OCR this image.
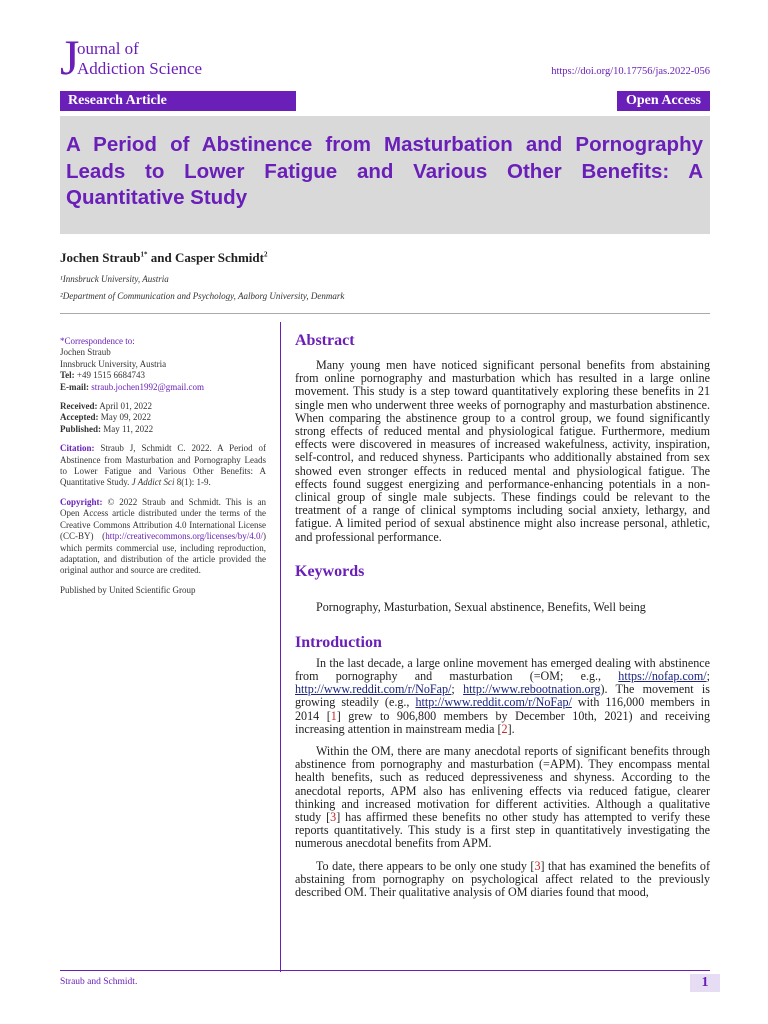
J
ournal of
Addiction Science	https://doi.org/10.17756/jas.2022-056
Research Article	Open Access
A Period of Abstinence from Masturbation and Pornography Leads to Lower Fatigue and Various Other Benefits: A Quantitative Study
Jochen Straub$^{1*}$ and Casper Schmidt$^2$
¹Innsbruck University, Austria
²Department of Communication and Psychology, Aalborg University, Denmark

*Correspondence to:

Jochen Straub

Innsbruck University, Austria

Tel: +49 1515 6684743

E-mail: straub.jochen1992@gmail.com

Received: April 01, 2022

Accepted: May 09, 2022

Published: May 11, 2022

Citation: Straub J, Schmidt C. 2022. A Period of Abstinence from Masturbation and Pornography Leads to Lower Fatigue and Various Other Benefits: A Quantitative Study. J Addict Sci 8(1): 1-9.

Copyright: © 2022 Straub and Schmidt. This is an Open Access article distributed under the terms of the Creative Commons Attribution 4.0 International License (CC-BY) (http://creativecommons.org/licenses/by/4.0/) which permits commercial use, including reproduction, adaptation, and distribution of the article provided the original author and source are credited.

Published by United Scientific Group

Abstract

Many young men have noticed significant personal benefits from abstaining from online pornography and masturbation which has resulted in a large online movement. This study is a step toward quantitatively exploring these benefits in 21 single men who underwent three weeks of pornography and masturbation abstinence. When comparing the abstinence group to a control group, we found significantly strong effects of reduced mental and physiological fatigue. Furthermore, medium effects were discovered in measures of increased wakefulness, activity, inspiration, self-control, and reduced shyness. Participants who additionally abstained from sex showed even stronger effects in reduced mental and physiological fatigue. The effects found suggest energizing and performance-enhancing potentials in a non-clinical group of single male subjects. These findings could be relevant to the treatment of a range of clinical symptoms including social anxiety, lethargy, and fatigue. A limited period of sexual abstinence might also increase personal, athletic, and professional performance.

Keywords

Pornography, Masturbation, Sexual abstinence, Benefits, Well being

Introduction

In the last decade, a large online movement has emerged dealing with abstinence from pornography and masturbation (=OM; e.g., https://nofap.com/; http://www.reddit.com/r/NoFap/; http://www.rebootnation.org). The movement is growing steadily (e.g., http://www.reddit.com/r/NoFap/ with 116,000 members in 2014 [1] grew to 906,800 members by December 10th, 2021) and receiving increasing attention in mainstream media [2].

Within the OM, there are many anecdotal reports of significant benefits through abstinence from pornography and masturbation (=APM). They encompass mental health benefits, such as reduced depressiveness and shyness. According to the anecdotal reports, APM also has enlivening effects via reduced fatigue, clearer thinking and increased motivation for different activities. Although a qualitative study [3] has affirmed these benefits no other study has attempted to verify these reports quantitatively. This study is a first step in quantitatively investigating the numerous anecdotal benefits from APM.

To date, there appears to be only one study [3] that has examined the benefits of abstaining from pornography on psychological affect related to the previously described OM. Their qualitative analysis of OM diaries found that mood,

Straub and Schmidt.	1
